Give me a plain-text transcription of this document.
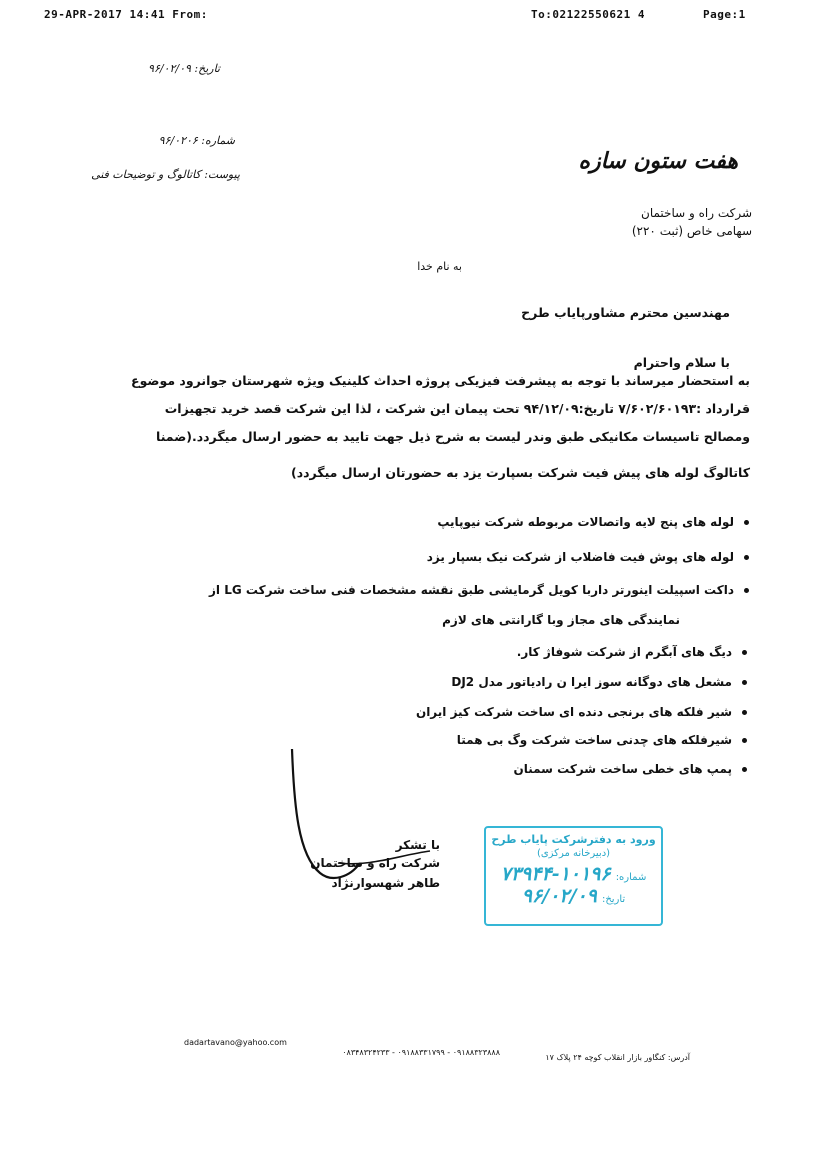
29-APR-2017 14:41 From:	To:02122550621 4	Page:1
تاریخ: ۹۶/۰۲/۰۹
شماره: ۹۶/۰۲۰۶
پیوست: کاتالوگ و توضیحات فنی
هفت ستون سازه
شرکت راه و ساختمان
سهامی خاص (ثبت ۲۲۰)
به نام خدا
مهندسین محترم مشاورپایاب طرح
با سلام واحترام
به استحضار میرساند با توجه به پیشرفت فیزیکی پروژه احداث کلینیک ویژه شهرستان جوانرود موضوع
قرارداد :۷/۶۰۲/۶۰۱۹۳ تاریخ:۹۴/۱۲/۰۹ تحت پیمان این شرکت ، لذا این شرکت قصد خرید تجهیزات
ومصالح تاسیسات مکانیکی طبق وندر لیست به شرح ذیل جهت تایید به حضور ارسال میگردد.(ضمنا
کاتالوگ لوله های پیش فیت شرکت بسپارت یزد به حضورتان ارسال میگردد)
لوله های پنج لایه واتصالات مربوطه شرکت نیوپایپ
لوله های پوش فیت فاضلاب از شرکت نیک بسپار یزد
داکت اسپیلت اینورتر داربا کویل گرمایشی طبق نقشه مشخصات فنی ساخت شرکت LG از
نمایندگی های مجاز وبا گارانتی های لازم
دیگ های آبگرم از شرکت شوفاژ کار.
مشعل های دوگانه سوز ایرا ن رادیاتور مدل DJ2
شیر فلکه های برنجی دنده ای ساخت شرکت کیز ایران
شیرفلکه های چدنی ساخت شرکت وگ بی همتا
پمپ های خطی ساخت شرکت سمنان
با تشکر
شرکت راه و ساختمان
طاهر شهسوارنژاد
ورود به دفترشرکت پایاب طرح
(دبیرخانه مرکزی)
شماره: ۱۰۱۹۶-۷۳۹۴۴
تاریخ: ۹۶/۰۲/۰۹
dadartavano@yahoo.com
۰۹۱۸۸۳۲۳۸۸۸ - ۰۹۱۸۸۳۳۱۷۹۹ - ۰۸۳۴۸۳۲۴۲۳۳
آدرس: کنگاور بازار انقلاب کوچه ۲۴ پلاک ۱۷
